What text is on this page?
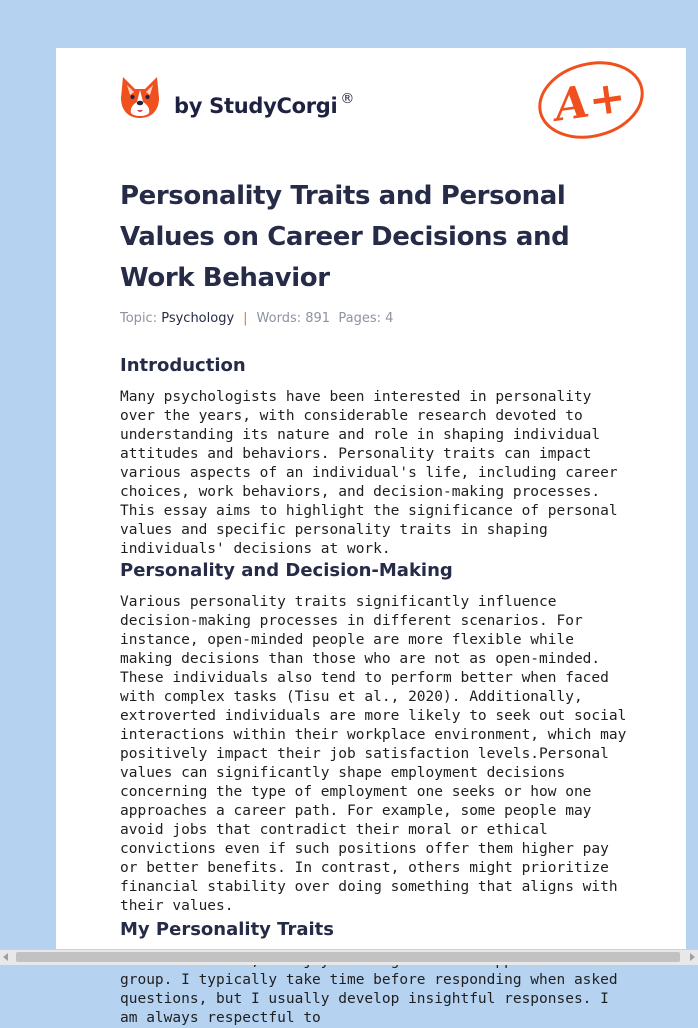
by StudyCorgi ®	A+
Personality Traits and Personal Values on Career Decisions and Work Behavior
Topic: Psychology | Words: 891 Pages: 4
Introduction

Many psychologists have been interested in personality over the years, with considerable research devoted to understanding its nature and role in shaping individual attitudes and behaviors. Personality traits can impact various aspects of an individual's life, including career choices, work behaviors, and decision-making processes. This essay aims to highlight the significance of personal values and specific personality traits in shaping individuals' decisions at work.

Personality and Decision-Making

Various personality traits significantly influence decision-making processes in different scenarios. For instance, open-minded people are more flexible while making decisions than those who are not as open-minded. These individuals also tend to perform better when faced with complex tasks (Tisu et al., 2020). Additionally, extroverted individuals are more likely to seek out social interactions within their workplace environment, which may positively impact their job satisfaction levels.Personal values can significantly shape employment decisions concerning the type of employment one seeks or how one approaches a career path. For example, some people may avoid jobs that contradict their moral or ethical convictions even if such positions offer them higher pay or better benefits. In contrast, others might prioritize financial stability over doing something that aligns with their values.

My Personality Traits

group. I typically take time before responding when asked questions, but I usually develop insightful responses. I am always respectful to
